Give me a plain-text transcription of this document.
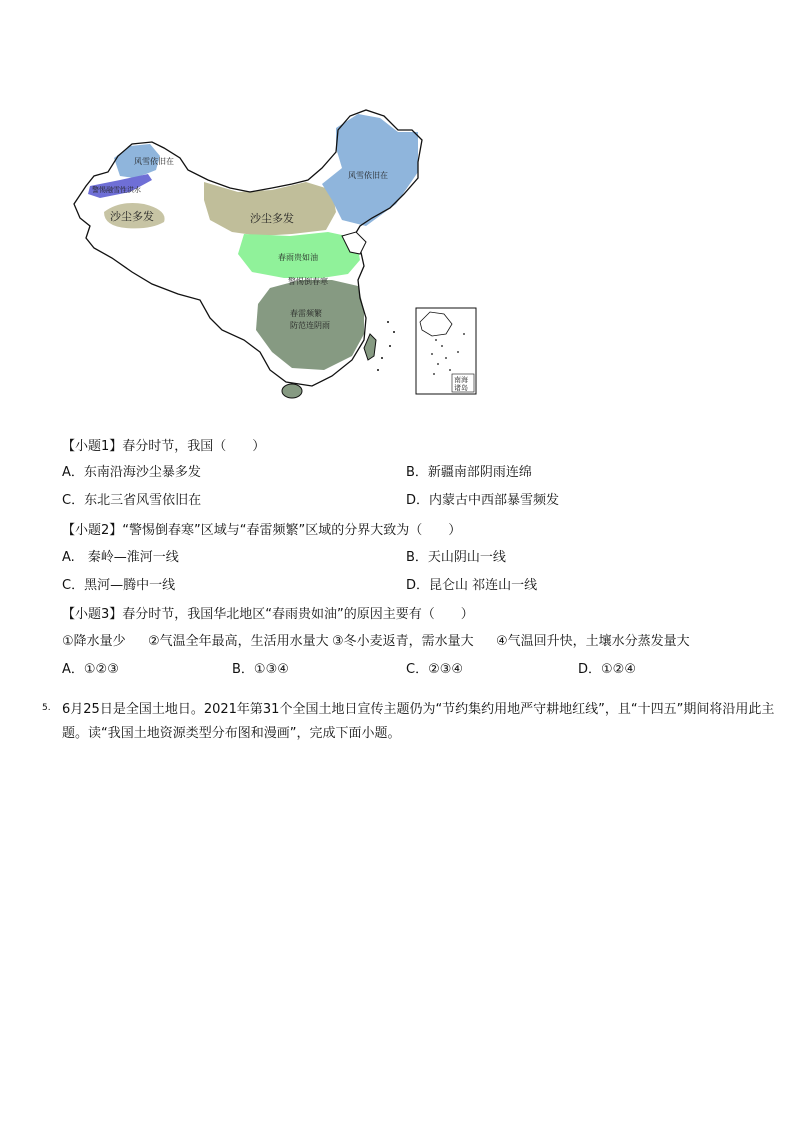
风雪依旧在
警惕融雪性洪水
沙尘多发	沙尘多发
风雪依旧在
春雨贵如油
警惕倒春寒
春雷频繁
防范连阴雨
南海
诸岛
【小题1】春分时节，我国（　　）
A．东南沿海沙尘暴多发	B．新疆南部阴雨连绵
C．东北三省风雪依旧在	D．内蒙古中西部暴雪频发
【小题2】“警惕倒春寒”区域与“春雷频繁”区域的分界大致为（　　）
A.　秦岭—淮河一线	B．天山阴山一线
C．黑河—腾中一线	D．昆仑山 祁连山一线
【小题3】春分时节，我国华北地区“春雨贵如油”的原因主要有（　　）
①降水量少 ②气温全年最高，生活用水量大 ③冬小麦返青，需水量大 ④气温回升快，土壤水分蒸发量大
A．①②③	B．①③④	C．②③④	D．①②④
5. 6月25日是全国土地日。2021年第31个全国土地日宣传主题仍为“节约集约用地严守耕地红线”，且“十四五”期间将沿用此主
题。读“我国土地资源类型分布图和漫画”，完成下面小题。
